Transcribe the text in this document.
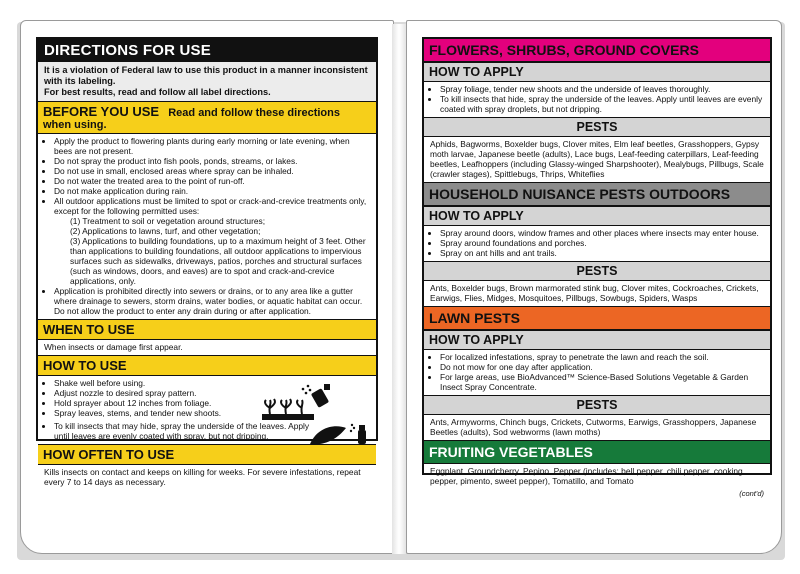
DIRECTIONS FOR USE
It is a violation of Federal law to use this product in a manner inconsistent with its labeling.
For best results, read and follow all label directions.
BEFORE YOU USE Read and follow these directions when using.
• Apply the product to flowering plants during early morning or late evening, when bees are not present.
• Do not spray the product into fish pools, ponds, streams, or lakes.
• Do not use in small, enclosed areas where spray can be inhaled.
• Do not water the treated area to the point of run-off.
• Do not make application during rain.
• All outdoor applications must be limited to spot or crack-and-crevice treatments only, except for the following permitted uses:
(1) Treatment to soil or vegetation around structures;
(2) Applications to lawns, turf, and other vegetation;
(3) Applications to building foundations, up to a maximum height of 3 feet. Other than applications to building foundations, all outdoor applications to impervious surfaces such as sidewalks, driveways, patios, porches and structural surfaces (such as windows, doors, and eaves) are to spot and crack-and-crevice applications, only.
• Application is prohibited directly into sewers or drains, or to any area like a gutter where drainage to sewers, storm drains, water bodies, or aquatic habitat can occur. Do not allow the product to enter any drain during or after application.
WHEN TO USE
When insects or damage first appear.
HOW TO USE
• Shake well before using.
• Adjust nozzle to desired spray pattern.
• Hold sprayer about 12 inches from foliage.
• Spray leaves, stems, and tender new shoots.
• To kill insects that may hide, spray the underside of the leaves. Apply until leaves are evenly coated with spray, but not dripping.
HOW OFTEN TO USE
Kills insects on contact and keeps on killing for weeks. For severe infestations, repeat every 7 to 14 days as necessary.
FLOWERS, SHRUBS, GROUND COVERS
HOW TO APPLY
• Spray foliage, tender new shoots and the underside of leaves thoroughly.
• To kill insects that hide, spray the underside of the leaves. Apply until leaves are evenly coated with spray droplets, but not dripping.
PESTS
Aphids, Bagworms, Boxelder bugs, Clover mites, Elm leaf beetles, Grasshoppers, Gypsy moth larvae, Japanese beetle (adults), Lace bugs, Leaf-feeding caterpillars, Leaf-feeding beetles, Leafhoppers (including Glassy-winged Sharpshooter), Mealybugs, Pillbugs, Scale (crawler stages), Spittlebugs, Thrips, Whiteflies
HOUSEHOLD NUISANCE PESTS OUTDOORS
HOW TO APPLY
• Spray around doors, window frames and other places where insects may enter house.
• Spray around foundations and porches.
• Spray on ant hills and ant trails.
PESTS
Ants, Boxelder bugs, Brown marmorated stink bug, Clover mites, Cockroaches, Crickets, Earwigs, Flies, Midges, Mosquitoes, Pillbugs, Sowbugs, Spiders, Wasps
LAWN PESTS
HOW TO APPLY
• For localized infestations, spray to penetrate the lawn and reach the soil.
• Do not mow for one day after application.
• For large areas, use BioAdvanced™ Science-Based Solutions Vegetable & Garden Insect Spray Concentrate.
PESTS
Ants, Armyworms, Chinch bugs, Crickets, Cutworms, Earwigs, Grasshoppers, Japanese Beetles (adults), Sod webworms (lawn moths)
FRUITING VEGETABLES
Eggplant, Groundcherry, Pepino, Pepper (includes: bell pepper, chili pepper, cooking pepper, pimento, sweet pepper), Tomatillo, and Tomato
(cont'd)
